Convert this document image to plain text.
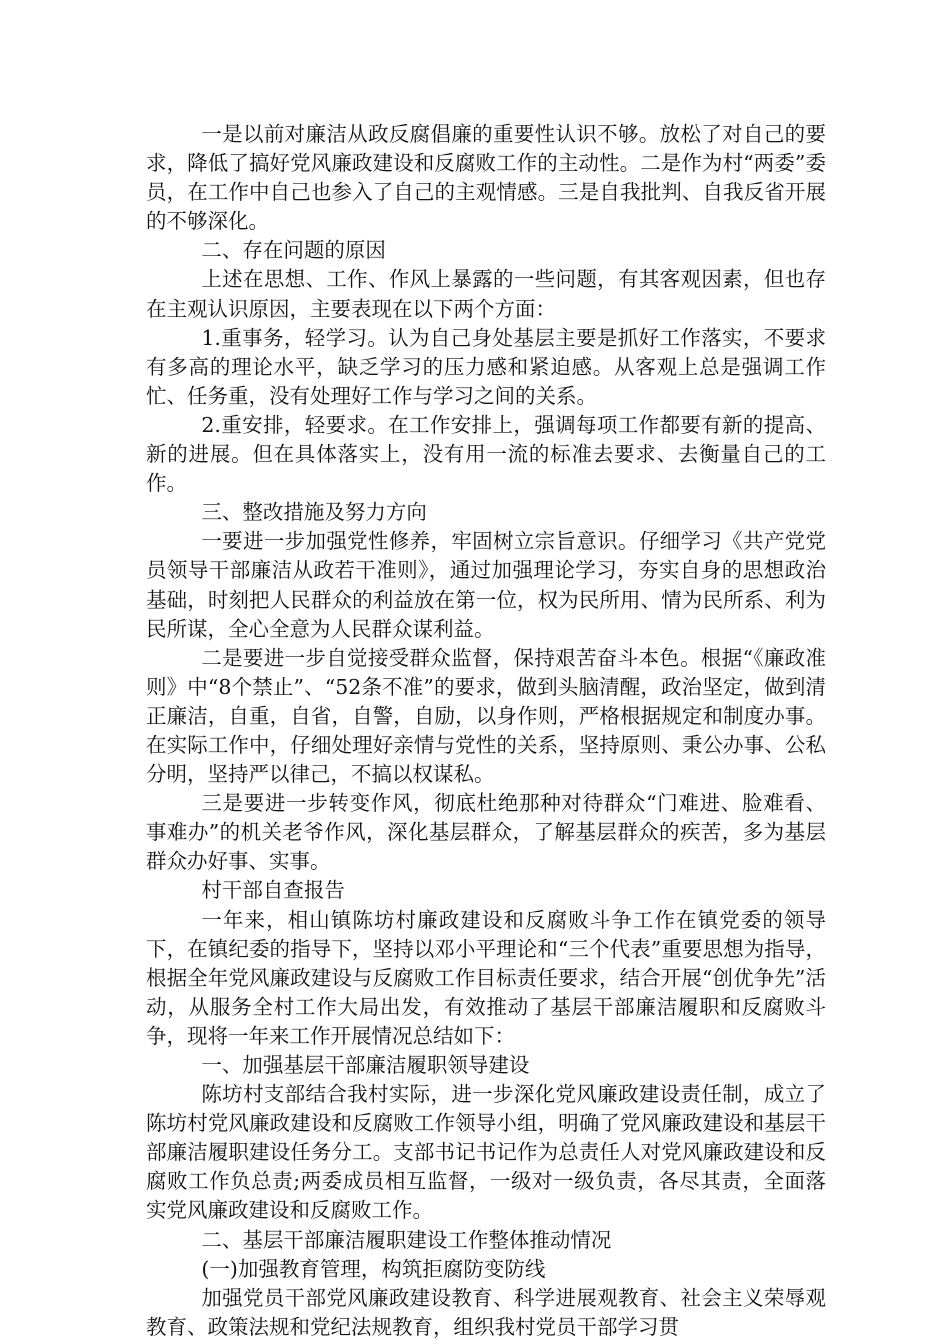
一是以前对廉洁从政反腐倡廉的重要性认识不够。放松了对自己的要求，降低了搞好党风廉政建设和反腐败工作的主动性。二是作为村“两委”委员，在工作中自己也参入了自己的主观情感。三是自我批判、自我反省开展的不够深化。

二、存在问题的原因

上述在思想、工作、作风上暴露的一些问题，有其客观因素，但也存在主观认识原因，主要表现在以下两个方面：

1.重事务，轻学习。认为自己身处基层主要是抓好工作落实，不要求有多高的理论水平，缺乏学习的压力感和紧迫感。从客观上总是强调工作忙、任务重，没有处理好工作与学习之间的关系。

2.重安排，轻要求。在工作安排上，强调每项工作都要有新的提高、新的进展。但在具体落实上，没有用一流的标准去要求、去衡量自己的工作。

三、整改措施及努力方向

一要进一步加强党性修养，牢固树立宗旨意识。仔细学习《共产党党员领导干部廉洁从政若干准则》，通过加强理论学习，夯实自身的思想政治基础，时刻把人民群众的利益放在第一位，权为民所用、情为民所系、利为民所谋，全心全意为人民群众谋利益。

二是要进一步自觉接受群众监督，保持艰苦奋斗本色。根据“《廉政准则》中“8个禁止”、“52条不准”的要求，做到头脑清醒，政治坚定，做到清正廉洁，自重，自省，自警，自励，以身作则，严格根据规定和制度办事。在实际工作中，仔细处理好亲情与党性的关系，坚持原则、秉公办事、公私分明，坚持严以律己，不搞以权谋私。

三是要进一步转变作风，彻底杜绝那种对待群众“门难进、脸难看、事难办”的机关老爷作风，深化基层群众，了解基层群众的疾苦，多为基层群众办好事、实事。

村干部自查报告

一年来，相山镇陈坊村廉政建设和反腐败斗争工作在镇党委的领导下，在镇纪委的指导下，坚持以邓小平理论和“三个代表”重要思想为指导，根据全年党风廉政建设与反腐败工作目标责任要求，结合开展“创优争先”活动，从服务全村工作大局出发，有效推动了基层干部廉洁履职和反腐败斗争，现将一年来工作开展情况总结如下：

一、加强基层干部廉洁履职领导建设

陈坊村支部结合我村实际，进一步深化党风廉政建设责任制，成立了陈坊村党风廉政建设和反腐败工作领导小组，明确了党风廉政建设和基层干部廉洁履职建设任务分工。支部书记书记作为总责任人对党风廉政建设和反腐败工作负总责;两委成员相互监督，一级对一级负责，各尽其责，全面落实党风廉政建设和反腐败工作。

二、基层干部廉洁履职建设工作整体推动情况

(一)加强教育管理，构筑拒腐防变防线

加强党员干部党风廉政建设教育、科学进展观教育、社会主义荣辱观教育、政策法规和党纪法规教育，组织我村党员干部学习贯
